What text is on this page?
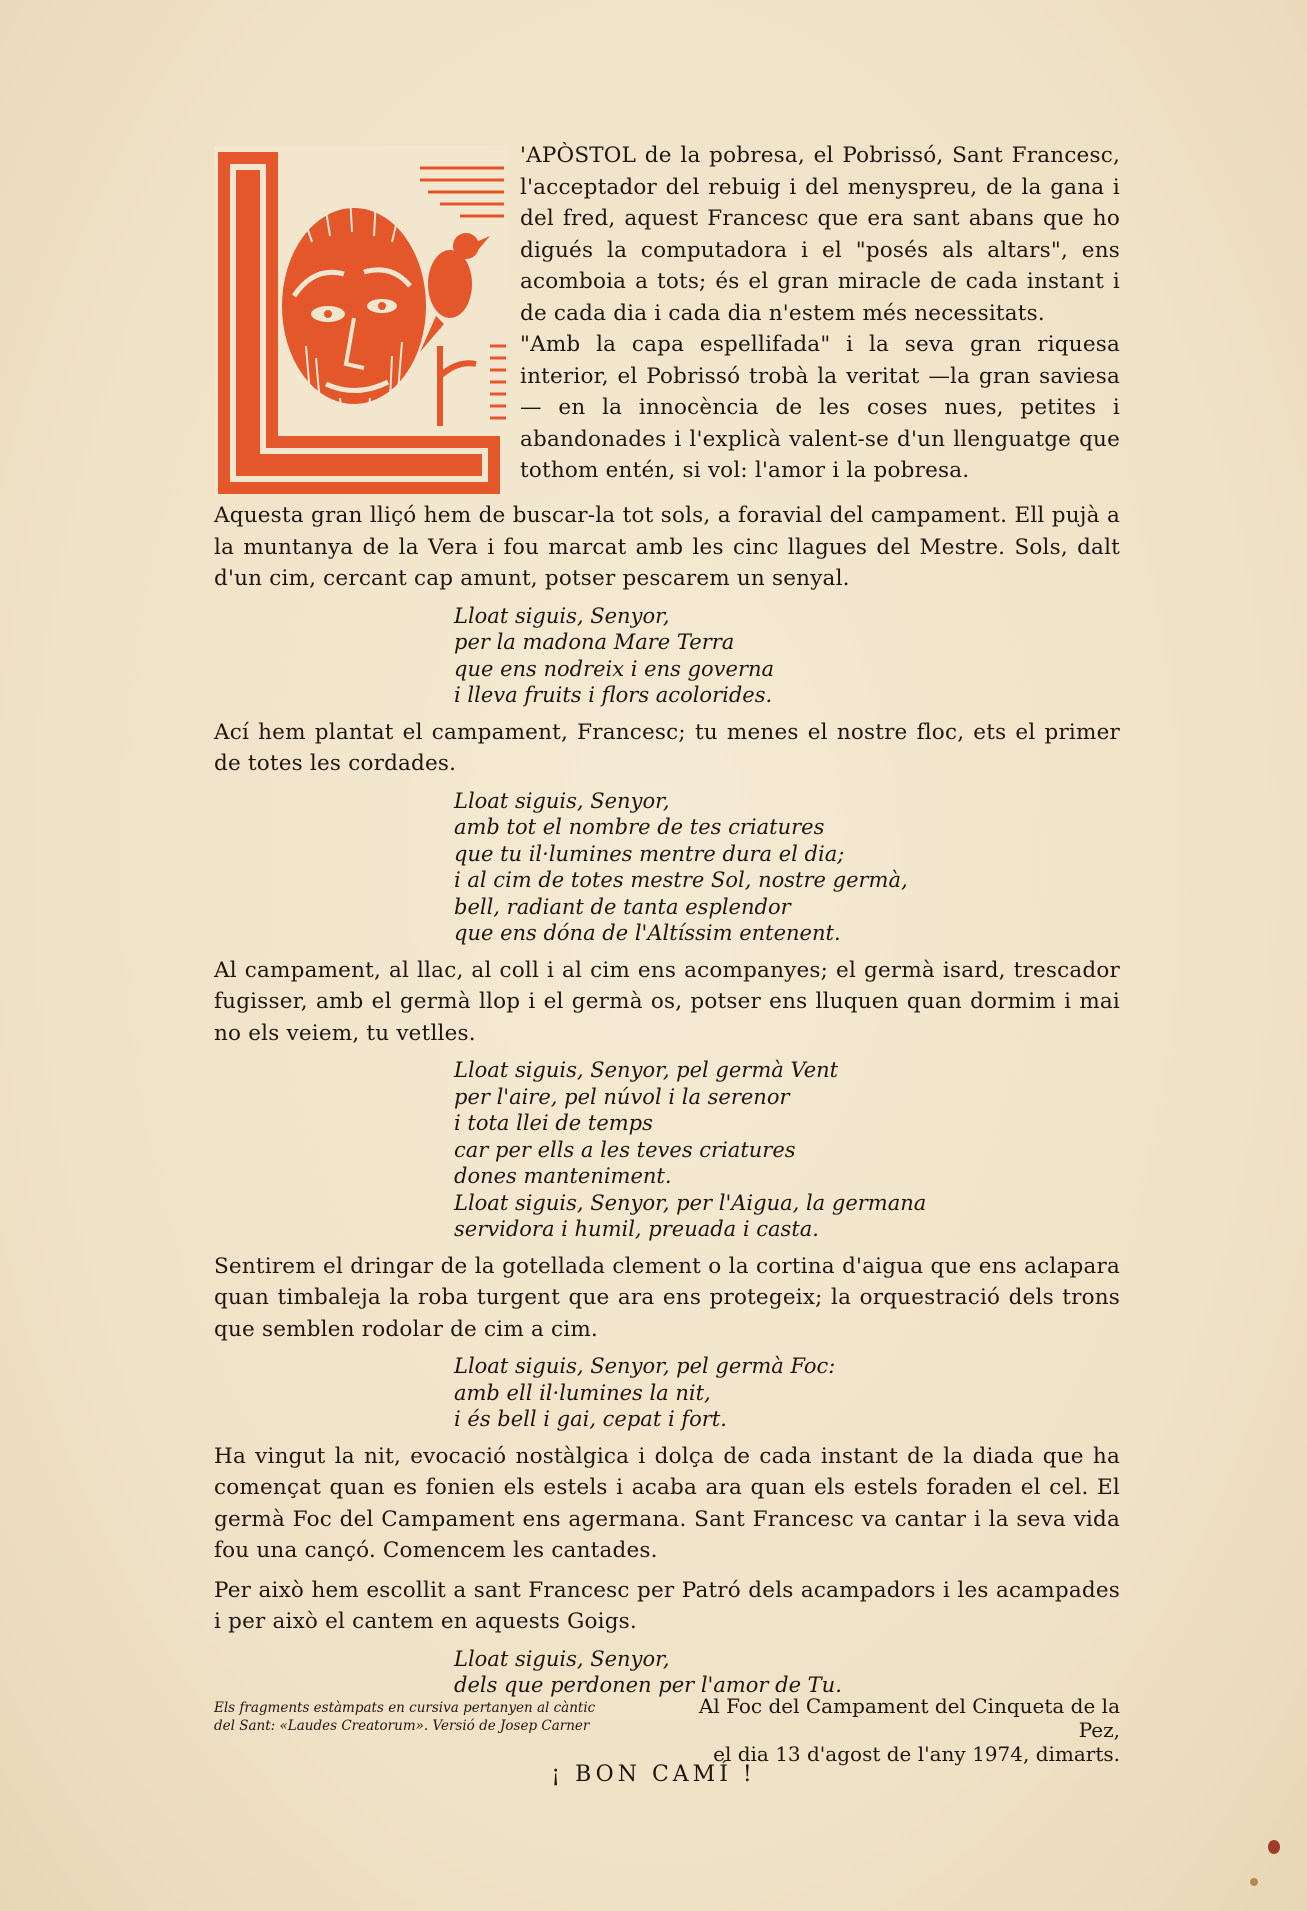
'APÒSTOL de la pobresa, el Pobrissó, Sant Francesc, l'acceptador del rebuig i del menyspreu, de la gana i del fred, aquest Francesc que era sant abans que ho digués la computadora i el "posés als altars", ens acomboia a tots; és el gran miracle de cada instant i de cada dia i cada dia n'estem més necessitats.

"Amb la capa espellifada" i la seva gran riquesa interior, el Pobrissó trobà la veritat —la gran saviesa— en la innocència de les coses nues, petites i abandonades i l'explicà valent-se d'un llenguatge que tothom entén, si vol: l'amor i la pobresa.

Aquesta gran lliçó hem de buscar-la tot sols, a foravial del campament. Ell pujà a la muntanya de la Vera i fou marcat amb les cinc llagues del Mestre. Sols, dalt d'un cim, cercant cap amunt, potser pescarem un senyal.

Lloat siguis, Senyor,
per la madona Mare Terra
que ens nodreix i ens governa
i lleva fruits i flors acolorides.

Ací hem plantat el campament, Francesc; tu menes el nostre floc, ets el primer de totes les cordades.

Lloat siguis, Senyor,
amb tot el nombre de tes criatures
que tu il·lumines mentre dura el dia;
i al cim de totes mestre Sol, nostre germà,
bell, radiant de tanta esplendor
que ens dóna de l'Altíssim entenent.

Al campament, al llac, al coll i al cim ens acompanyes; el germà isard, trescador fugisser, amb el germà llop i el germà os, potser ens lluquen quan dormim i mai no els veiem, tu vetlles.

Lloat siguis, Senyor, pel germà Vent
per l'aire, pel núvol i la serenor
i tota llei de temps
car per ells a les teves criatures
dones manteniment.
Lloat siguis, Senyor, per l'Aigua, la germana
servidora i humil, preuada i casta.

Sentirem el dringar de la gotellada clement o la cortina d'aigua que ens aclapara quan timbaleja la roba turgent que ara ens protegeix; la orquestració dels trons que semblen rodolar de cim a cim.

Lloat siguis, Senyor, pel germà Foc:
amb ell il·lumines la nit,
i és bell i gai, cepat i fort.

Ha vingut la nit, evocació nostàlgica i dolça de cada instant de la diada que ha començat quan es fonien els estels i acaba ara quan els estels foraden el cel. El germà Foc del Campament ens agermana. Sant Francesc va cantar i la seva vida fou una cançó. Comencem les cantades.

Per això hem escollit a sant Francesc per Patró dels acampadors i les acampades i per això el cantem en aquests Goigs.

Lloat siguis, Senyor,
dels que perdonen per l'amor de Tu.
Els fragments estàmpats en cursiva pertanyen al càntic
del Sant: «Laudes Creatorum». Versió de Josep Carner
Al Foc del Campament del Cinqueta de la Pez,
el dia 13 d'agost de l'any 1974, dimarts.
¡ BON CAMÍ !
